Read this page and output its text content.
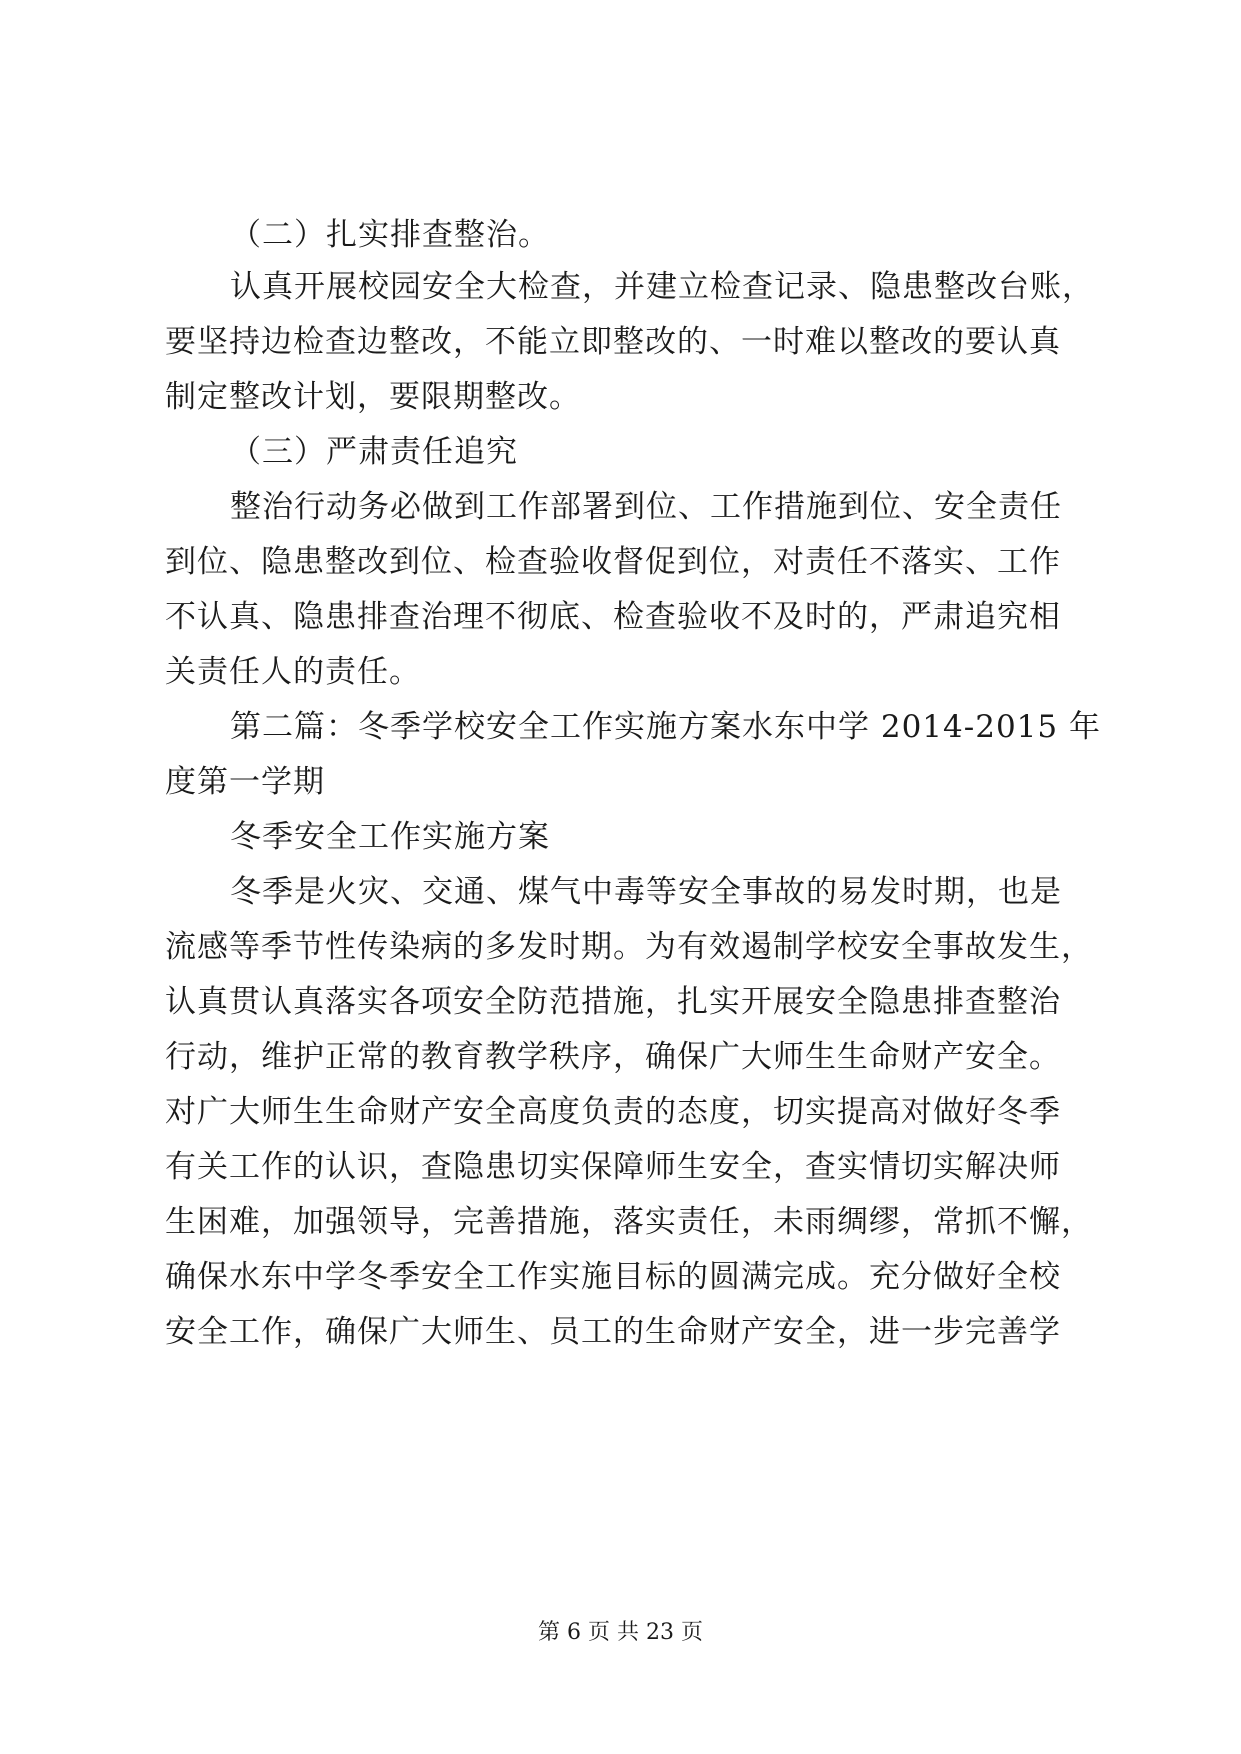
（二）扎实排查整治。
认真开展校园安全大检查，并建立检查记录、隐患整改台账，
要坚持边检查边整改，不能立即整改的、一时难以整改的要认真
制定整改计划，要限期整改。
（三）严肃责任追究
整治行动务必做到工作部署到位、工作措施到位、安全责任
到位、隐患整改到位、检查验收督促到位，对责任不落实、工作
不认真、隐患排查治理不彻底、检查验收不及时的，严肃追究相
关责任人的责任。
第二篇：冬季学校安全工作实施方案水东中学 2014-2015 年
度第一学期
冬季安全工作实施方案
冬季是火灾、交通、煤气中毒等安全事故的易发时期，也是
流感等季节性传染病的多发时期。为有效遏制学校安全事故发生，
认真贯认真落实各项安全防范措施，扎实开展安全隐患排查整治
行动，维护正常的教育教学秩序，确保广大师生生命财产安全。
对广大师生生命财产安全高度负责的态度，切实提高对做好冬季
有关工作的认识，查隐患切实保障师生安全，查实情切实解决师
生困难，加强领导，完善措施，落实责任，未雨绸缪，常抓不懈，
确保水东中学冬季安全工作实施目标的圆满完成。充分做好全校
安全工作，确保广大师生、员工的生命财产安全，进一步完善学
第 6 页 共 23 页
